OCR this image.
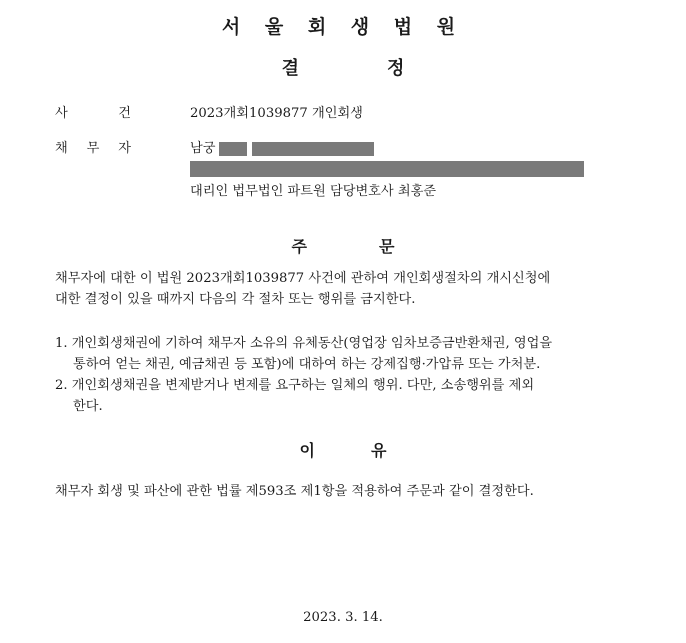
서 울 회 생 법 원
결	정
사	건	2023개회1039877 개인회생
채 무 자	남궁
대리인 법무법인 파트원 담당변호사 최홍준
주	문
채무자에 대한 이 법원 2023개회1039877 사건에 관하여 개인회생절차의 개시신청에
대한 결정이 있을 때까지 다음의 각 절차 또는 행위를 금지한다.
1. 개인회생채권에 기하여 채무자 소유의 유체동산(영업장 임차보증금반환채권, 영업을
통하여 얻는 채권, 예금채권 등 포함)에 대하여 하는 강제집행·가압류 또는 가처분.
2. 개인회생채권을 변제받거나 변제를 요구하는 일체의 행위. 다만, 소송행위를 제외
한다.
이	유
채무자 회생 및 파산에 관한 법률 제593조 제1항을 적용하여 주문과 같이 결정한다.
2023. 3. 14.
